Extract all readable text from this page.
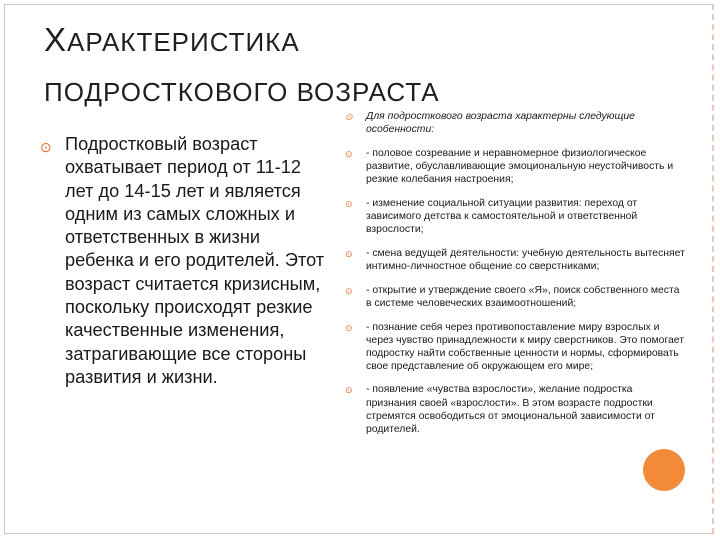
ХАРАКТЕРИСТИКА
ПОДРОСТКОВОГО ВОЗРАСТА
⊙ Подростковый возраст охватывает период от 11-12 лет до 14-15 лет и является одним из самых сложных и ответственных в жизни ребенка и его родителей. Этот возраст считается кризисным, поскольку происходят резкие качественные изменения, затрагивающие все стороны развития и жизни.
⊙ Для подросткового возраста характерны следующие особенности:
⊙ - половое созревание и неравномерное физиологическое развитие, обуславливающие эмоциональную неустойчивость и резкие колебания настроения;
⊙ - изменение социальной ситуации развития: переход от зависимого детства к самостоятельной и ответственной взрослости;
⊙ - смена ведущей деятельности: учебную деятельность вытесняет интимно-личностное общение со сверстниками;
⊙ - открытие и утверждение своего «Я», поиск собственного места в системе человеческих взаимоотношений;
⊙ - познание себя через противопоставление миру взрослых и через чувство принадлежности к миру сверстников. Это помогает подростку найти собственные ценности и нормы, сформировать свое представление об окружающем его мире;
⊙ - появление «чувства взрослости», желание подростка признания своей «взрослости». В этом возрасте подростки стремятся освободиться от эмоциональной зависимости от родителей.
